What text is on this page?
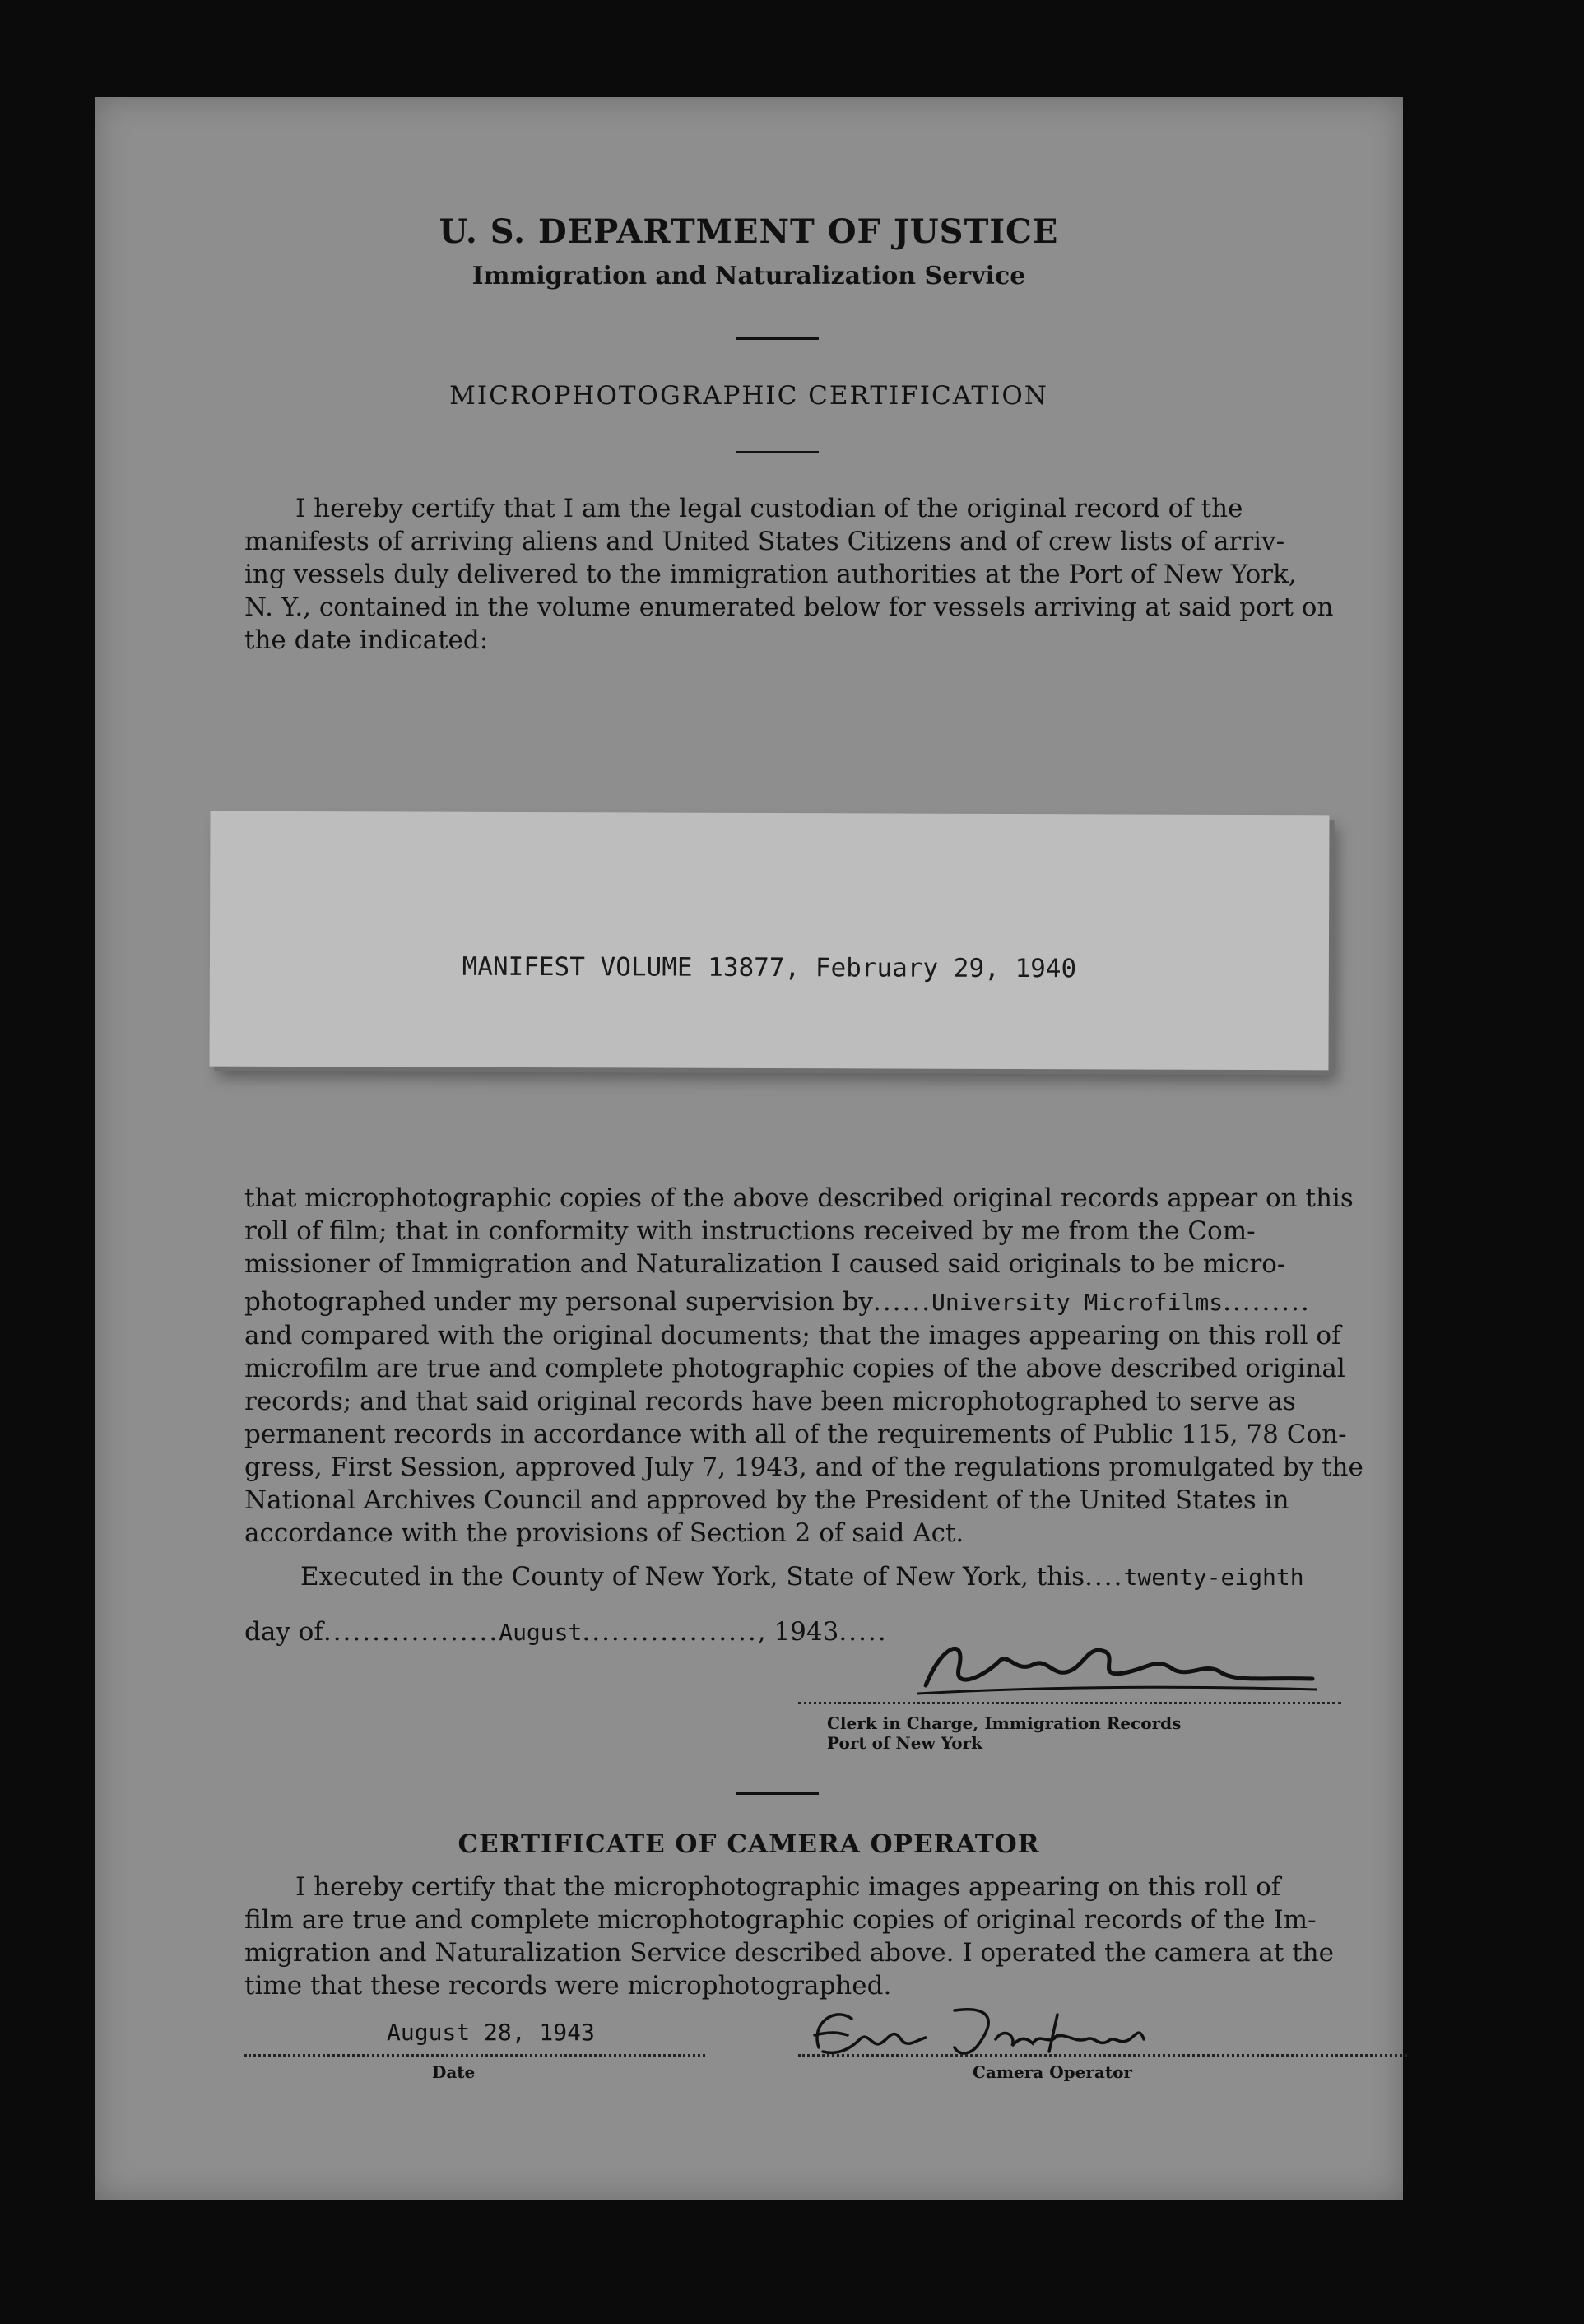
U. S. DEPARTMENT OF JUSTICE
Immigration and Naturalization Service
MICROPHOTOGRAPHIC CERTIFICATION
I hereby certify that I am the legal custodian of the original record of the
manifests of arriving aliens and United States Citizens and of crew lists of arriv-
ing vessels duly delivered to the immigration authorities at the Port of New York,
N. Y., contained in the volume enumerated below for vessels arriving at said port on
the date indicated:
MANIFEST VOLUME 13877, February 29, 1940
that microphotographic copies of the above described original records appear on this
roll of film; that in conformity with instructions received by me from the Com-
missioner of Immigration and Naturalization I caused said originals to be micro-
photographed under my personal supervision by......University Microfilms.........
and compared with the original documents; that the images appearing on this roll of
microfilm are true and complete photographic copies of the above described original
records; and that said original records have been microphotographed to serve as
permanent records in accordance with all of the requirements of Public 115, 78 Con-
gress, First Session, approved July 7, 1943, and of the regulations promulgated by the
National Archives Council and approved by the President of the United States in
accordance with the provisions of Section 2 of said Act.
Executed in the County of New York, State of New York, this....twenty-eighth
day of..................August.................., 1943.....
Clerk in Charge, Immigration Records
Port of New York
CERTIFICATE OF CAMERA OPERATOR
I hereby certify that the microphotographic images appearing on this roll of
film are true and complete microphotographic copies of original records of the Im-
migration and Naturalization Service described above. I operated the camera at the
time that these records were microphotographed.
August 28, 1943
Date	Camera Operator
